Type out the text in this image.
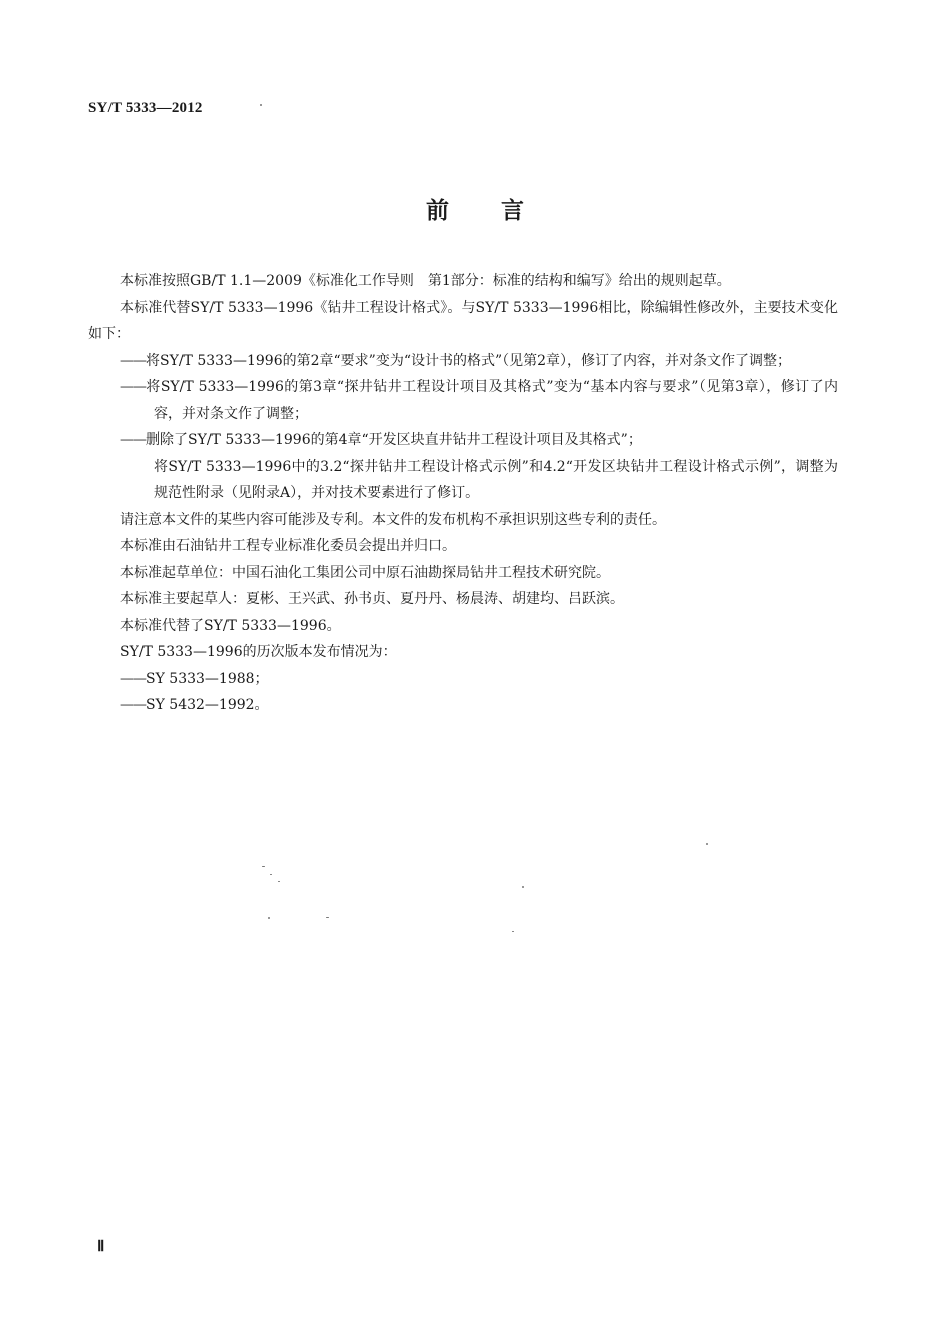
SY/T 5333—2012
前言
本标准按照GB/T 1.1—2009《标准化工作导则　第1部分：标准的结构和编写》给出的规则起草。
本标准代替SY/T 5333—1996《钻井工程设计格式》。与SY/T 5333—1996相比，除编辑性修改外，主要技术变化如下：
——将SY/T 5333—1996的第2章“要求”变为“设计书的格式”（见第2章），修订了内容，并对条文作了调整；
——将SY/T 5333—1996的第3章“探井钻井工程设计项目及其格式”变为“基本内容与要求”（见第3章），修订了内容，并对条文作了调整；
——删除了SY/T 5333—1996的第4章“开发区块直井钻井工程设计项目及其格式”；
将SY/T 5333—1996中的3.2“探井钻井工程设计格式示例”和4.2“开发区块钻井工程设计格式示例”，调整为规范性附录（见附录A），并对技术要素进行了修订。
请注意本文件的某些内容可能涉及专利。本文件的发布机构不承担识别这些专利的责任。
本标准由石油钻井工程专业标准化委员会提出并归口。
本标准起草单位：中国石油化工集团公司中原石油勘探局钻井工程技术研究院。
本标准主要起草人：夏彬、王兴武、孙书贞、夏丹丹、杨晨涛、胡建均、吕跃滨。
本标准代替了SY/T 5333—1996。
SY/T 5333—1996的历次版本发布情况为：
——SY 5333—1988；
——SY 5432—1992。
Ⅱ
